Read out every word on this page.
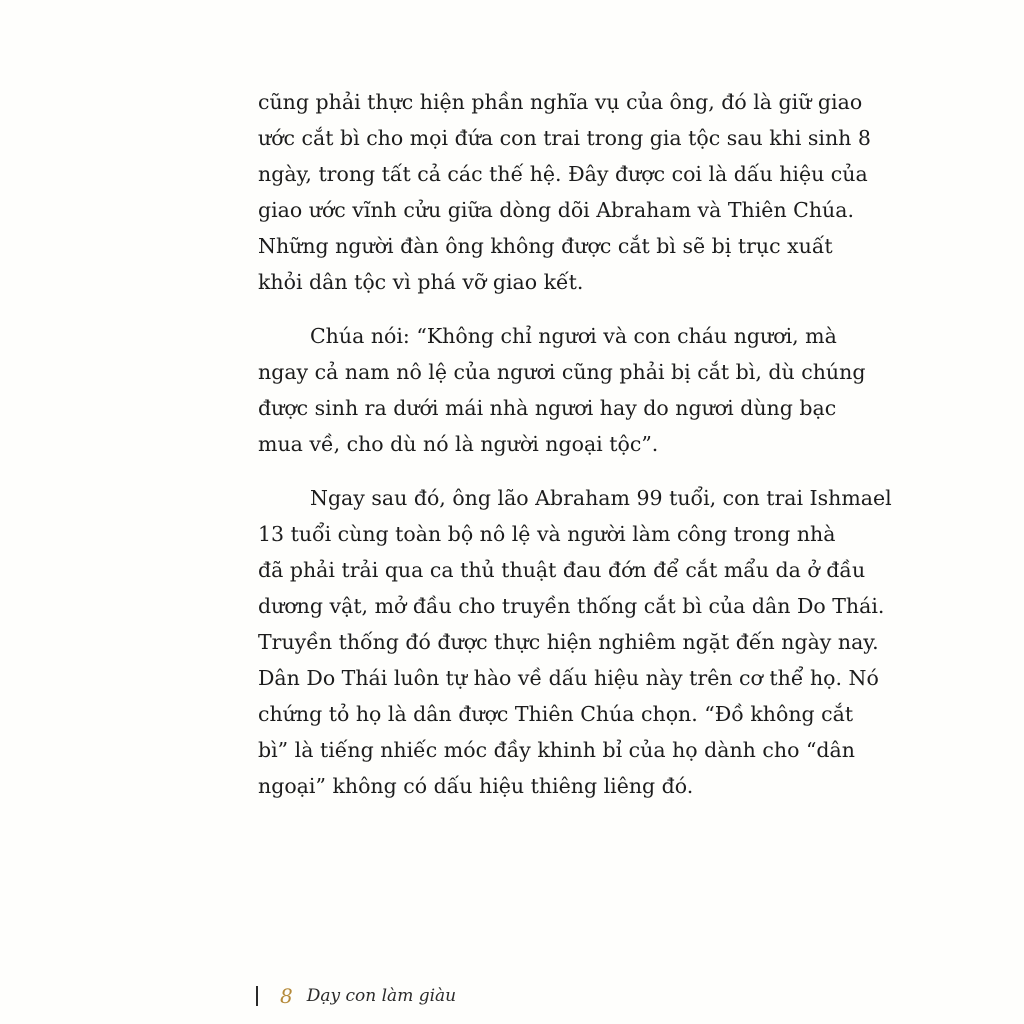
cũng phải thực hiện phần nghĩa vụ của ông, đó là giữ giao
ước cắt bì cho mọi đứa con trai trong gia tộc sau khi sinh 8
ngày, trong tất cả các thế hệ. Đây được coi là dấu hiệu của
giao ước vĩnh cửu giữa dòng dõi Abraham và Thiên Chúa.
Những người đàn ông không được cắt bì sẽ bị trục xuất
khỏi dân tộc vì phá vỡ giao kết.
Chúa nói: “Không chỉ ngươi và con cháu ngươi, mà
ngay cả nam nô lệ của ngươi cũng phải bị cắt bì, dù chúng
được sinh ra dưới mái nhà ngươi hay do ngươi dùng bạc
mua về, cho dù nó là người ngoại tộc”.
Ngay sau đó, ông lão Abraham 99 tuổi, con trai Ishmael
13 tuổi cùng toàn bộ nô lệ và người làm công trong nhà
đã phải trải qua ca thủ thuật đau đớn để cắt mẩu da ở đầu
dương vật, mở đầu cho truyền thống cắt bì của dân Do Thái.
Truyền thống đó được thực hiện nghiêm ngặt đến ngày nay.
Dân Do Thái luôn tự hào về dấu hiệu này trên cơ thể họ. Nó
chứng tỏ họ là dân được Thiên Chúa chọn. “Đồ không cắt
bì” là tiếng nhiếc móc đầy khinh bỉ của họ dành cho “dân
ngoại” không có dấu hiệu thiêng liêng đó.
8 Dạy con làm giàu
